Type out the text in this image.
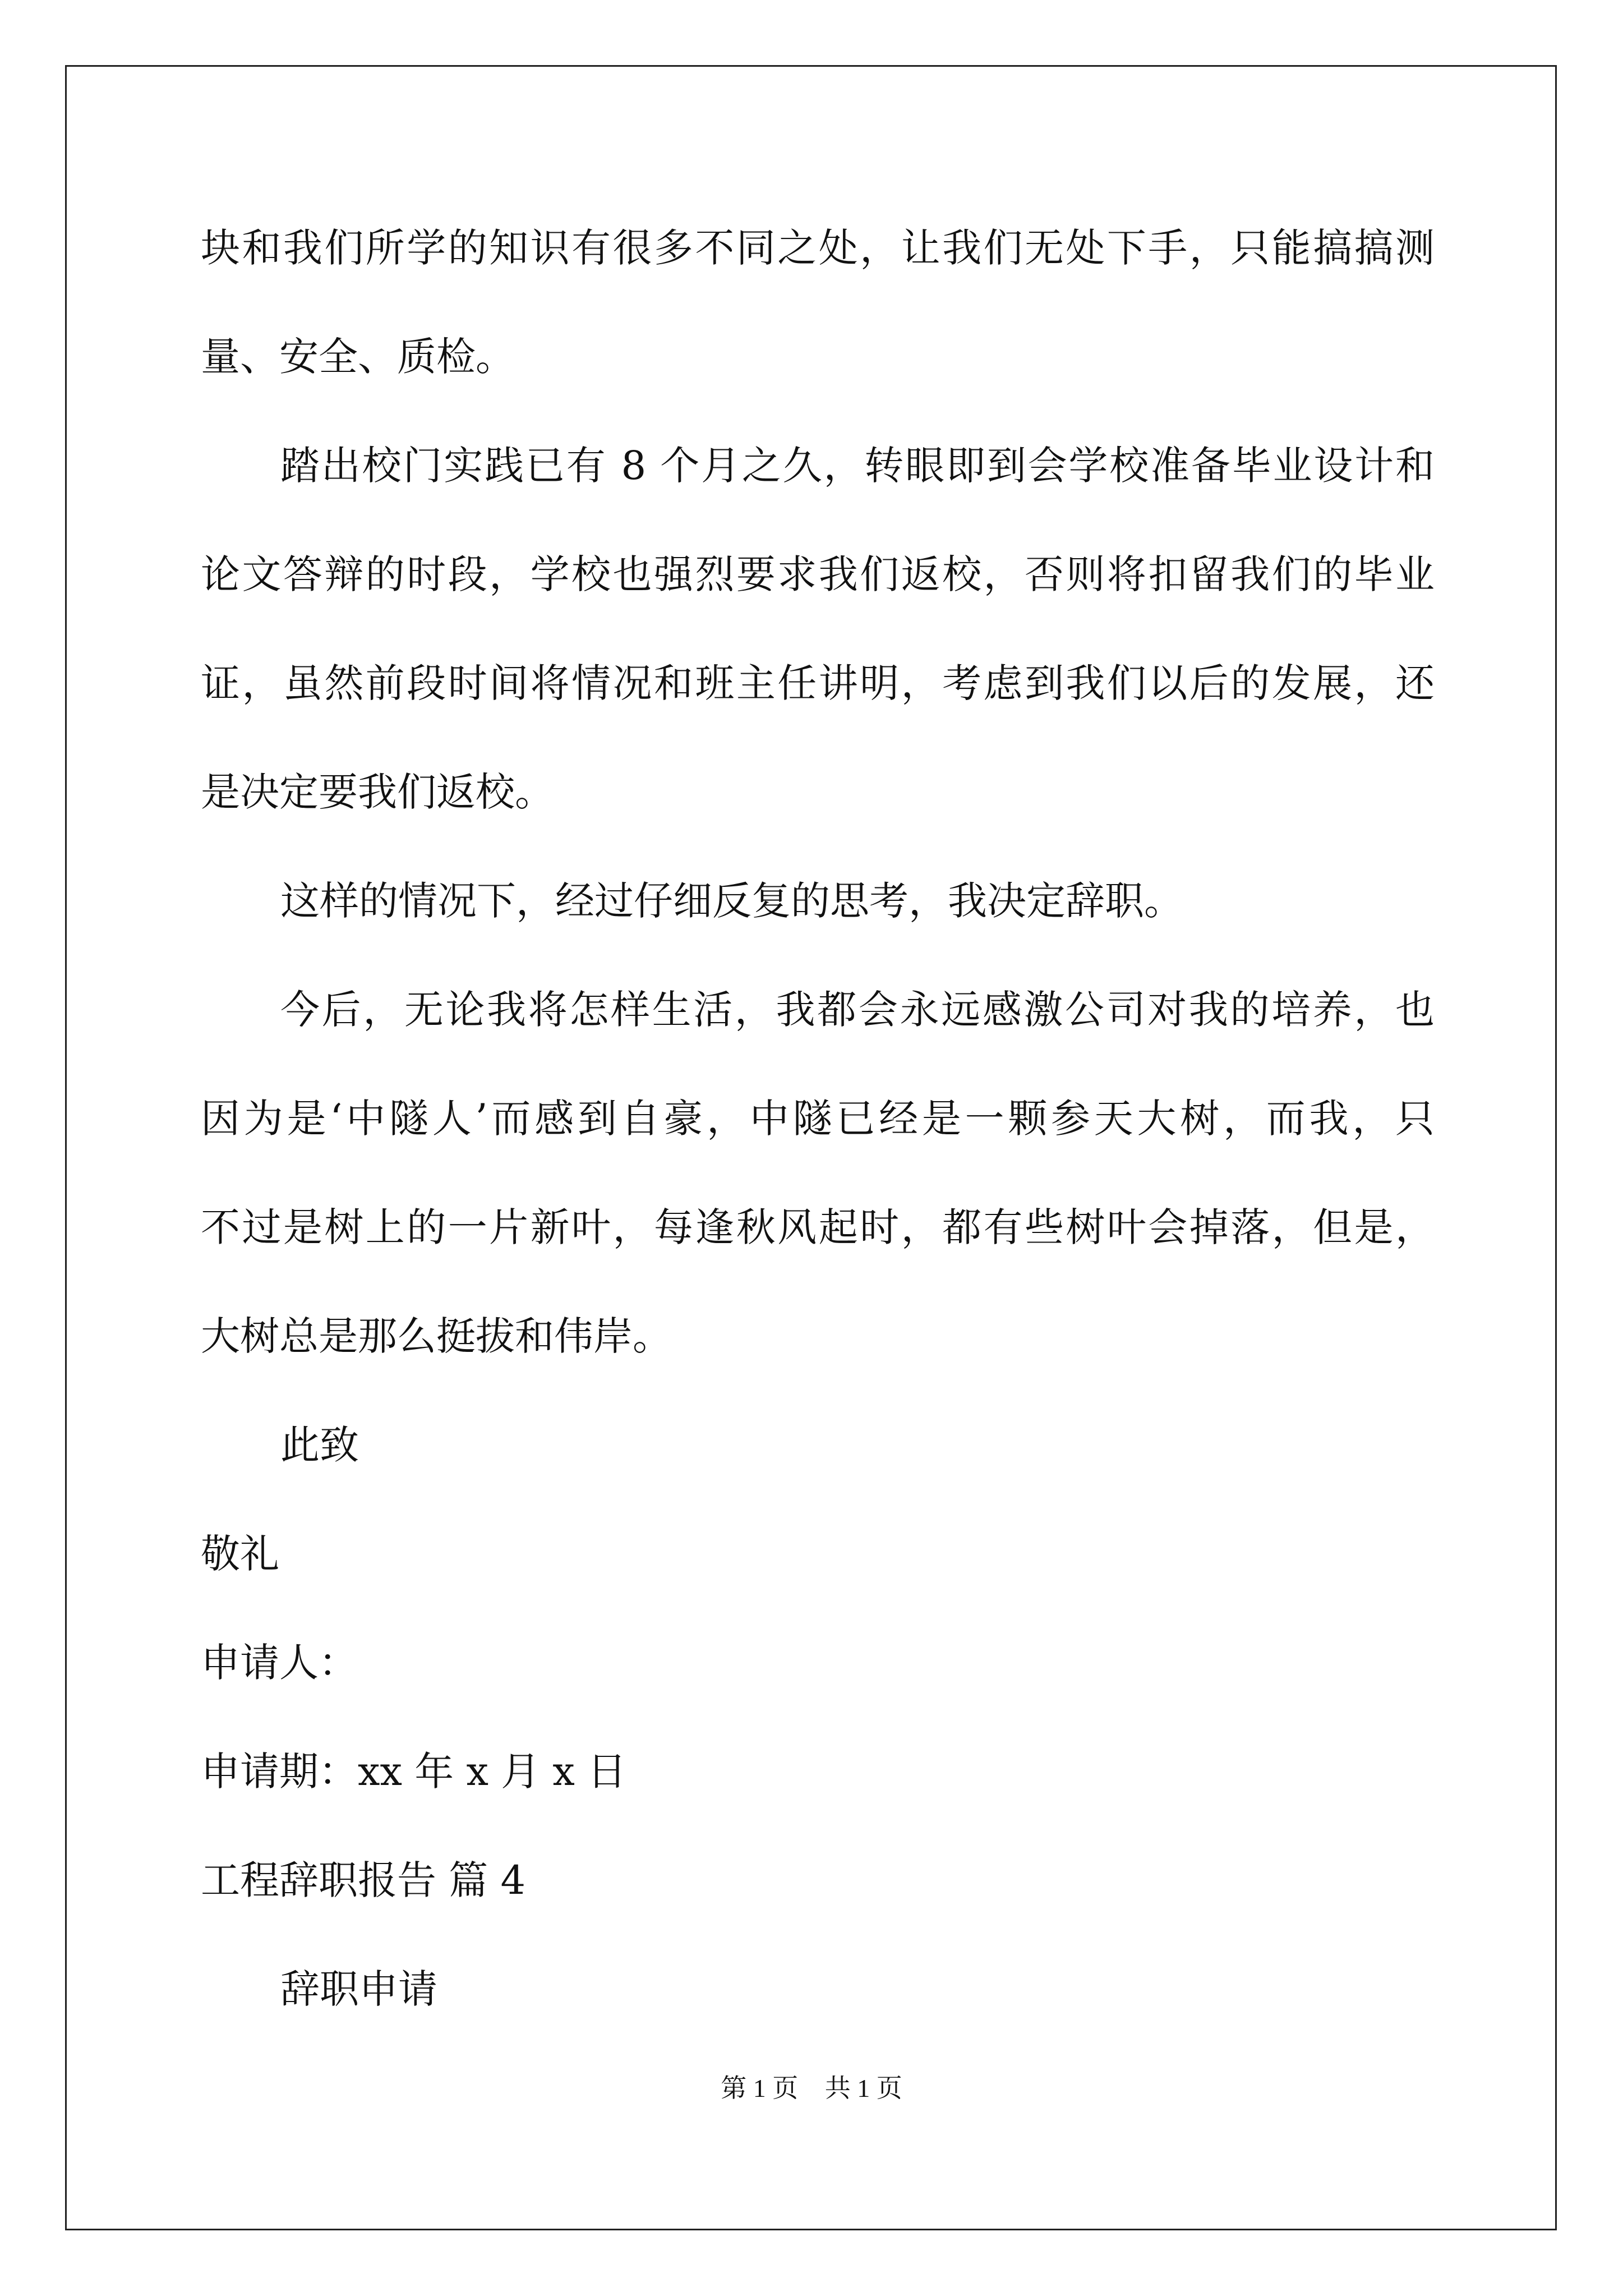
块和我们所学的知识有很多不同之处，让我们无处下手，只能搞搞测
量、安全、质检。
踏出校门实践已有 8 个月之久，转眼即到会学校准备毕业设计和
论文答辩的时段，学校也强烈要求我们返校，否则将扣留我们的毕业
证，虽然前段时间将情况和班主任讲明，考虑到我们以后的发展，还
是决定要我们返校。
这样的情况下，经过仔细反复的思考，我决定辞职。
今后，无论我将怎样生活，我都会永远感激公司对我的培养，也
因为是‘中隧人’而感到自豪，中隧已经是一颗参天大树，而我，只
不过是树上的一片新叶，每逢秋风起时，都有些树叶会掉落，但是，
大树总是那么挺拔和伟岸。
此致
敬礼
申请人：
申请期：xx 年 x 月 x 日
工程辞职报告 篇 4
辞职申请
第 1 页 共 1 页
